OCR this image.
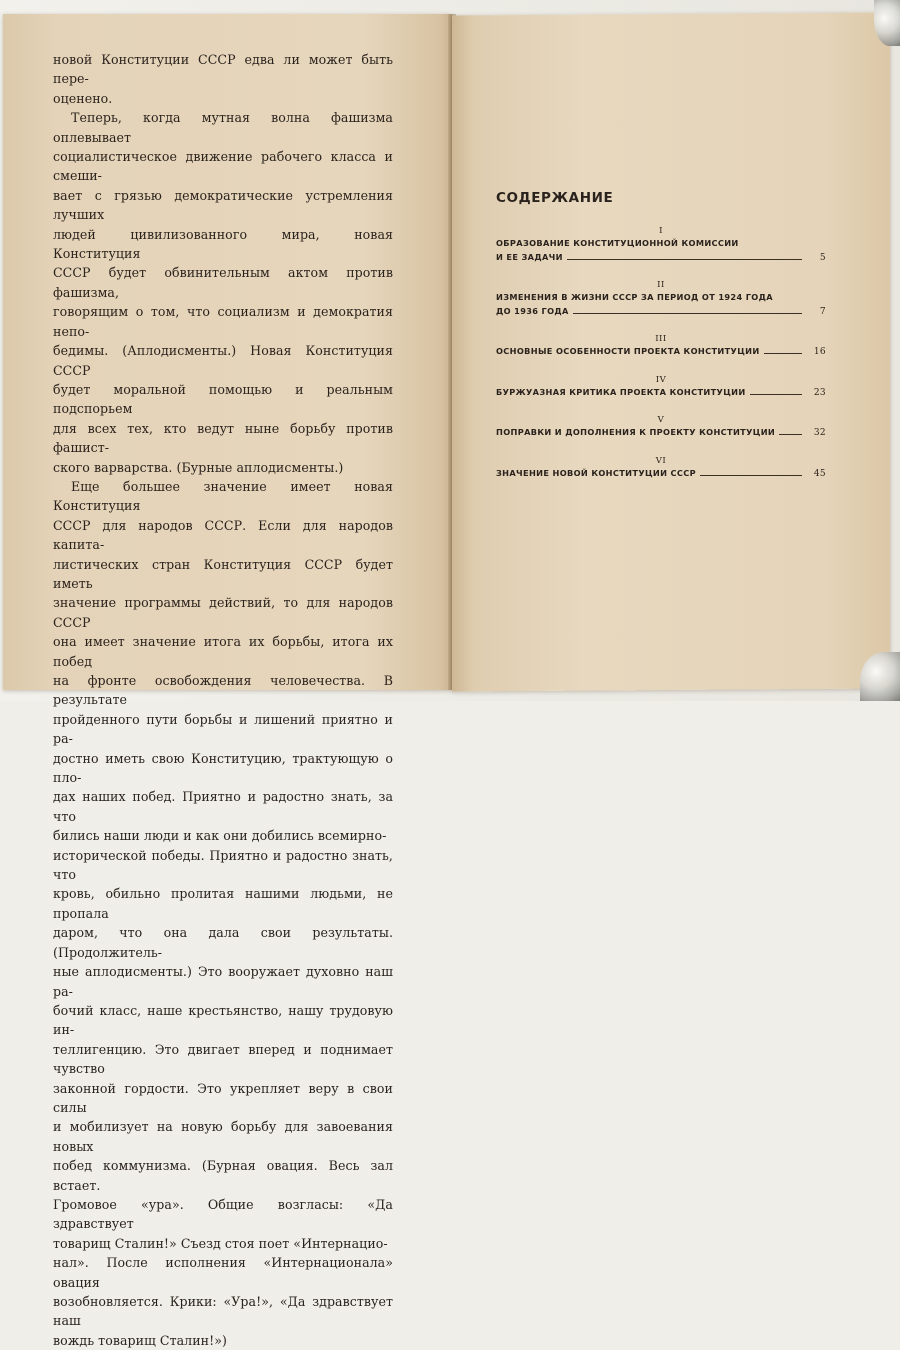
новой Конституции СССР едва ли может быть пере-

оценено.

Теперь, когда мутная волна фашизма оплевывает

социалистическое движение рабочего класса и смеши-

вает с грязью демократические устремления лучших

людей цивилизованного мира, новая Конституция

СССР будет обвинительным актом против фашизма,

говорящим о том, что социализм и демократия непо-

бедимы. (Аплодисменты.) Новая Конституция СССР

будет моральной помощью и реальным подспорьем

для всех тех, кто ведут ныне борьбу против фашист-

ского варварства. (Бурные аплодисменты.)

Еще большее значение имеет новая Конституция

СССР для народов СССР. Если для народов капита-

листических стран Конституция СССР будет иметь

значение программы действий, то для народов СССР

она имеет значение итога их борьбы, итога их побед

на фронте освобождения человечества. В результате

пройденного пути борьбы и лишений приятно и ра-

достно иметь свою Конституцию, трактующую о пло-

дах наших побед. Приятно и радостно знать, за что

бились наши люди и как они добились всемирно-

исторической победы. Приятно и радостно знать, что

кровь, обильно пролитая нашими людьми, не пропала

даром, что она дала свои результаты. (Продолжитель-

ные аплодисменты.) Это вооружает духовно наш ра-

бочий класс, наше крестьянство, нашу трудовую ин-

теллигенцию. Это двигает вперед и поднимает чувство

законной гордости. Это укрепляет веру в свои силы

и мобилизует на новую борьбу для завоевания новых

побед коммунизма. (Бурная овация. Весь зал встает.

Громовое «ура». Общие возгласы: «Да здравствует

товарищ Сталин!» Съезд стоя поет «Интернацио-

нал». После исполнения «Интернационала» овация

возобновляется. Крики: «Ура!», «Да здравствует наш

вождь товарищ Сталин!»)

СОДЕРЖАНИЕ
I
ОБРАЗОВАНИЕ КОНСТИТУЦИОННОЙ КОМИССИИ
И ЕЕ ЗАДАЧИ	5
II
ИЗМЕНЕНИЯ В ЖИЗНИ СССР ЗА ПЕРИОД ОТ 1924 ГОДА
ДО 1936 ГОДА	7
III
ОСНОВНЫЕ ОСОБЕННОСТИ ПРОЕКТА КОНСТИТУЦИИ	16
IV
БУРЖУАЗНАЯ КРИТИКА ПРОЕКТА КОНСТИТУЦИИ	23
V
ПОПРАВКИ И ДОПОЛНЕНИЯ К ПРОЕКТУ КОНСТИТУЦИИ	32
VI
ЗНАЧЕНИЕ НОВОЙ КОНСТИТУЦИИ СССР	45
